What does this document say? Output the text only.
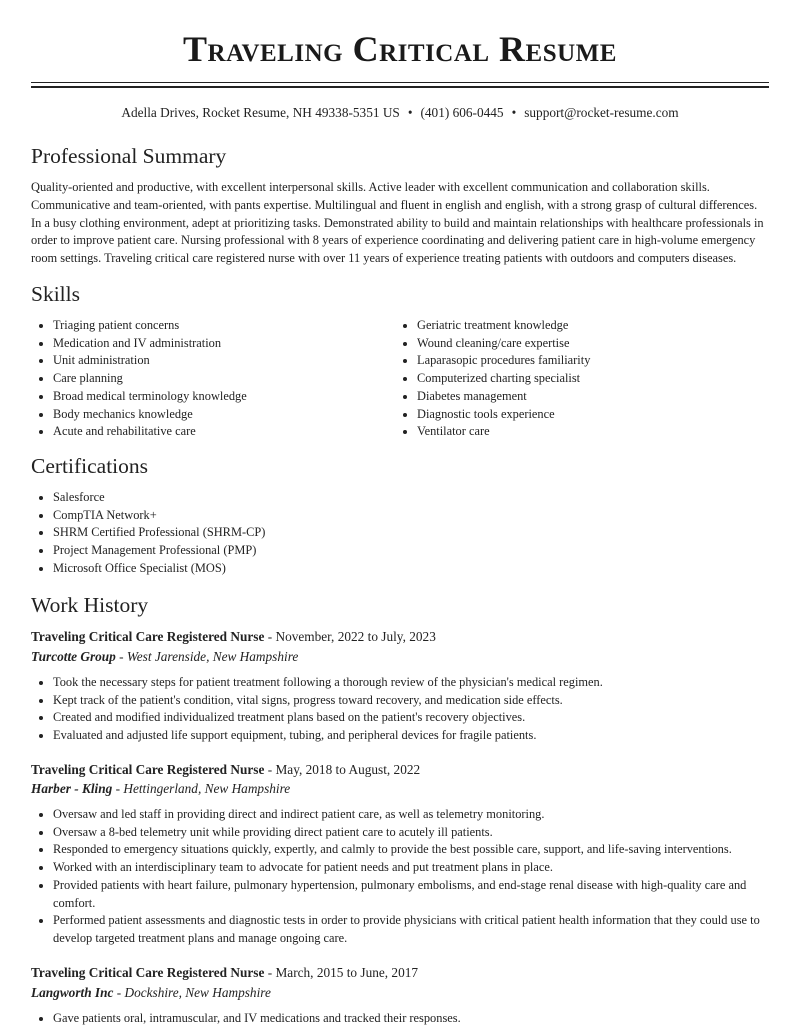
Traveling Critical Resume
Adella Drives, Rocket Resume, NH 49338-5351 US • (401) 606-0445 • support@rocket-resume.com
Professional Summary

Quality-oriented and productive, with excellent interpersonal skills. Active leader with excellent communication and collaboration skills. Communicative and team-oriented, with pants expertise. Multilingual and fluent in english and english, with a strong grasp of cultural differences. In a busy clothing environment, adept at prioritizing tasks. Demonstrated ability to build and maintain relationships with healthcare professionals in order to improve patient care. Nursing professional with 8 years of experience coordinating and delivering patient care in high-volume emergency room settings. Traveling critical care registered nurse with over 11 years of experience treating patients with outdoors and computers diseases.

Skills
• Triaging patient concerns
• Medication and IV administration
• Unit administration
• Care planning
• Broad medical terminology knowledge
• Body mechanics knowledge
• Acute and rehabilitative care
• Geriatric treatment knowledge
• Wound cleaning/care expertise
• Laparasopic procedures familiarity
• Computerized charting specialist
• Diabetes management
• Diagnostic tools experience
• Ventilator care
Certifications
• Salesforce
• CompTIA Network+
• SHRM Certified Professional (SHRM-CP)
• Project Management Professional (PMP)
• Microsoft Office Specialist (MOS)
Work History
Traveling Critical Care Registered Nurse - November, 2022 to July, 2023
Turcotte Group - West Jarenside, New Hampshire
• Took the necessary steps for patient treatment following a thorough review of the physician's medical regimen.
• Kept track of the patient's condition, vital signs, progress toward recovery, and medication side effects.
• Created and modified individualized treatment plans based on the patient's recovery objectives.
• Evaluated and adjusted life support equipment, tubing, and peripheral devices for fragile patients.
Traveling Critical Care Registered Nurse - May, 2018 to August, 2022
Harber - Kling - Hettingerland, New Hampshire
• Oversaw and led staff in providing direct and indirect patient care, as well as telemetry monitoring.
• Oversaw a 8-bed telemetry unit while providing direct patient care to acutely ill patients.
• Responded to emergency situations quickly, expertly, and calmly to provide the best possible care, support, and life-saving interventions.
• Worked with an interdisciplinary team to advocate for patient needs and put treatment plans in place.
• Provided patients with heart failure, pulmonary hypertension, pulmonary embolisms, and end-stage renal disease with high-quality care and comfort.
• Performed patient assessments and diagnostic tests in order to provide physicians with critical patient health information that they could use to develop targeted treatment plans and manage ongoing care.
Traveling Critical Care Registered Nurse - March, 2015 to June, 2017
Langworth Inc - Dockshire, New Hampshire
• Gave patients oral, intramuscular, and IV medications and tracked their responses.
